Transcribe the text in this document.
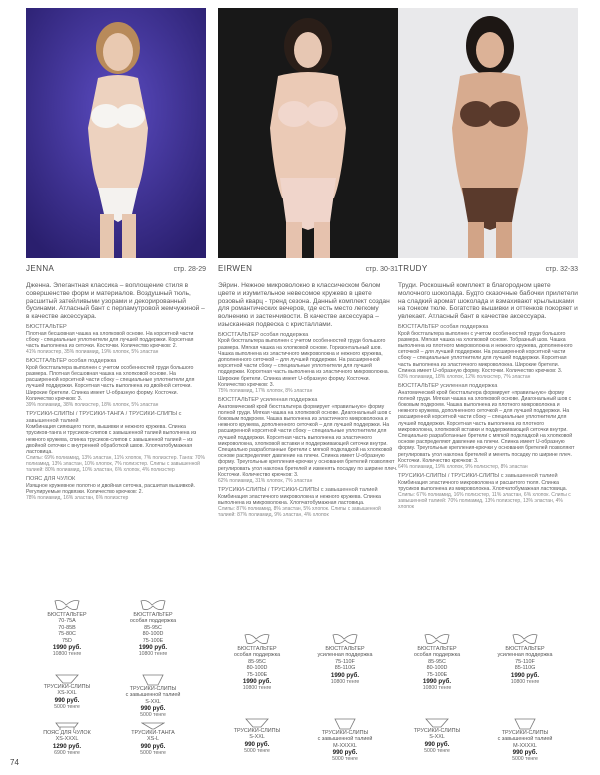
JENNA	стр. 28-29

Дженна. Элегантная классика – воплощение стиля в совершенстве форм и материалов. Воздушный тюль, расшитый затейливыми узорами и декорированный бусинами. Атласный бант с перламутровой жемчужиной – в качестве аксессуара.

БЮСТГАЛЬТЕР
Плотная бесшовная чашка на хлопковой основе. На корсетной части сбоку - специальные уплотнители для лучшей поддержки. Корсетная часть выполнена из сеточки. Косточки. Количество крючков: 2.
41% полиэстер, 35% полиамид, 19% хлопок, 5% эластан
БЮСТГАЛЬТЕР особая поддержка
Крой бюстгальтера выполнен с учетом особенностей груди большого размера. Плотная бесшовная чашка на хлопковой основе. На расширенной корсетной части сбоку – специальные уплотнители для лучшей поддержки. Корсетная часть выполнена из двойной сеточки. Широкие бретели. Спинка имеет U-образную форму. Косточки. Количество крючков: 3.
39% полиамид, 38% полиэстер, 18% хлопок, 5% эластан
ТРУСИКИ-СЛИПЫ / ТРУСИКИ-ТАНГА / ТРУСИКИ-СЛИПЫ с завышенной талией
Комбинация сияющего тюля, вышивки и нежного кружева. Спинка трусиков-танга и трусиков-слипов с завышенной талией выполнена из нежного кружева, спинка трусиков-слипов с завышенной талией – из двойной сеточки с внутренней обработкой швов. Хлопчатобумажная ластовица.
Слипы: 69% полиамид, 13% эластан, 11% хлопок, 7% полиэстер. Танга: 70% полиамид, 13% эластан, 10% хлопок, 7% полиэстер. Слипы с завышенной талией: 80% полиамид, 10% эластан, 6% хлопок, 4% полиэстер
ПОЯС ДЛЯ ЧУЛОК
Изящное кружевное полотно и двойная сеточка, расшитая вышивкой. Регулируемые подвязки. Количество крючков: 2.
78% полиамид, 16% эластан, 6% полиэстер
БЮСТГАЛЬТЕР
70-75A
70-85B
75-80C
75D
1990 руб.
10800 тенге
БЮСТГАЛЬТЕР
особая поддержка
85-95C
80-100D
75-100E
1990 руб.
10800 тенге
ТРУСИКИ-СЛИПЫ
XS-XXL
990 руб.
5000 тенге
ТРУСИКИ-СЛИПЫ
с завышенной талией
S-XXL
990 руб.
5000 тенге
ПОЯС ДЛЯ ЧУЛОК
XS-XXXL
1290 руб.
6900 тенге
ТРУСИКИ-ТАНГА
XS-L
990 руб.
5000 тенге
EIRWEN	стр. 30-31

Эйрин. Нежное микроволокно в классическом белом цвете и изумительное невесомое кружево в цвете розовый кварц - тренд сезона. Данный комплект создан для романтических вечеров, где есть место легкому волнению и застенчивости. В качестве аксессуара – изысканная подвеска с кристаллами.

БЮСТГАЛЬТЕР особая поддержка
Крой бюстгальтера выполнен с учетом особенностей груди большого размера. Мягкая чашка на хлопковой основе. Горизонтальный шов. Чашка выполнена из эластичного микроволокна и нежного кружева, дополненного сеточкой – для лучшей поддержки. На расширенной корсетной части сбоку – специальные уплотнители для лучшей поддержки. Корсетная часть выполнена из эластичного микроволокна. Широкие бретели. Спинка имеет U-образную форму. Косточки. Количество крючков: 3.
75% полиамид, 17% хлопок, 8% эластан
БЮСТГАЛЬТЕР усиленная поддержка
Анатомический крой бюстгальтера формирует «правильную» форму полной груди. Мягкая чашка на хлопковой основе. Диагональный шов с боковым подкроем. Чашка выполнена из эластичного микроволокна и нежного кружева, дополненного сеточкой – для лучшей поддержки. На расширенной корсетной части сбоку – специальные уплотнители для лучшей поддержки. Корсетная часть выполнена из эластичного микроволокна, хлопковой вставки и поддерживающей сеточки внутри. Специально разработанные бретели с мягкой подкладкой на хлопковой основе распределяют давление на плечи. Спинка имеет U-образную форму. Треугольные крепления-крючки у основания бретелей позволяют регулировать угол наклона бретелей и изменять посадку по ширине плеч. Косточки. Количество крючков: 3.
62% полиамид, 31% хлопок, 7% эластан
ТРУСИКИ-СЛИПЫ / ТРУСИКИ-СЛИПЫ с завышенной талией
Комбинация эластичного микроволокна и нежного кружева. Спинка выполнена из микроволокна. Хлопчатобумажная ластовица.
Слипы: 87% полиамид, 8% эластан, 5% хлопок. Слипы с завышенной талией: 87% полиамид, 9% эластан, 4% хлопок
БЮСТГАЛЬТЕР
особая поддержка
85-95C
80-100D
75-100E
1990 руб.
10800 тенге
БЮСТГАЛЬТЕР
усиленная поддержка
75-110F
85-110G
1990 руб.
10800 тенге
ТРУСИКИ-СЛИПЫ
S-XXL
990 руб.
5000 тенге
ТРУСИКИ-СЛИПЫ
с завышенной талией
M-XXXXL
990 руб.
5000 тенге
TRUDY	стр. 32-33

Труди. Роскошный комплект в благородном цвете молочного шоколада. Будто сказочные бабочки прилетели на сладкий аромат шоколада и взмахивают крылышками на тонком тюле. Богатство вышивки и оттенков покоряет и увлекает. Атласный бант в качестве аксессуара.

БЮСТГАЛЬТЕР особая поддержка
Крой бюстгальтера выполнен с учетом особенностей груди большого размера. Мягкая чашка на хлопковой основе. Тобразный шов. Чашка выполнена из плотного микроволокна и нежного кружева, дополненного сеточкой – для лучшей поддержки. На расширенной корсетной части сбоку – специальные уплотнители для лучшей поддержки. Корсетная часть выполнена из эластичного микроволокна. Широкие бретели. Спинка имеет U-образную форму. Косточки. Количество крючков: 3.
63% полиамид, 18% хлопок, 12% полиэстер, 7% эластан
БЮСТГАЛЬТЕР усиленная поддержка
Анатомический крой бюстгальтера формирует «правильную» форму полной груди. Мягкая чашка на хлопковой основе. Диагональный шов с боковым подкроем. Чашка выполнена из плотного микроволокна и нежного кружева, дополненного сеточкой – для лучшей поддержки. На расширенной корсетной части сбоку – специальные уплотнители для лучшей поддержки. Корсетная часть выполнена из плотного микроволокна, хлопковой вставки и поддерживающей сеточки внутри. Специально разработанные бретели с мягкой подкладкой на хлопковой основе распределяют давление на плечи. Спинка имеет U-образную форму. Треугольные крепления-крючки у основания бретелей позволяют регулировать угол наклона бретелей и менять посадку по ширине плеч. Косточки. Количество крючков: 3.
64% полиамид, 19% хлопок, 9% полиэстер, 8% эластан
ТРУСИКИ-СЛИПЫ / ТРУСИКИ-СЛИПЫ с завышенной талией
Комбинация эластичного микроволокна и расшитого тюля. Спинка трусиков выполнена из микроволокна. Хлопчатобумажная ластовица.
Слипы: 67% полиамид, 16% полиэстер, 11% эластан, 6% хлопок. Слипы с завышенной талией: 70% полиамид, 13% полиэстер, 13% эластан, 4% хлопок
БЮСТГАЛЬТЕР
особая поддержка
85-95C
80-100D
75-100E
1990 руб.
10800 тенге
БЮСТГАЛЬТЕР
усиленная поддержка
75-110F
85-110G
1990 руб.
10800 тенге
ТРУСИКИ-СЛИПЫ
S-XXL
990 руб.
5000 тенге
ТРУСИКИ-СЛИПЫ
с завышенной талией
M-XXXXL
990 руб.
5000 тенге
74
